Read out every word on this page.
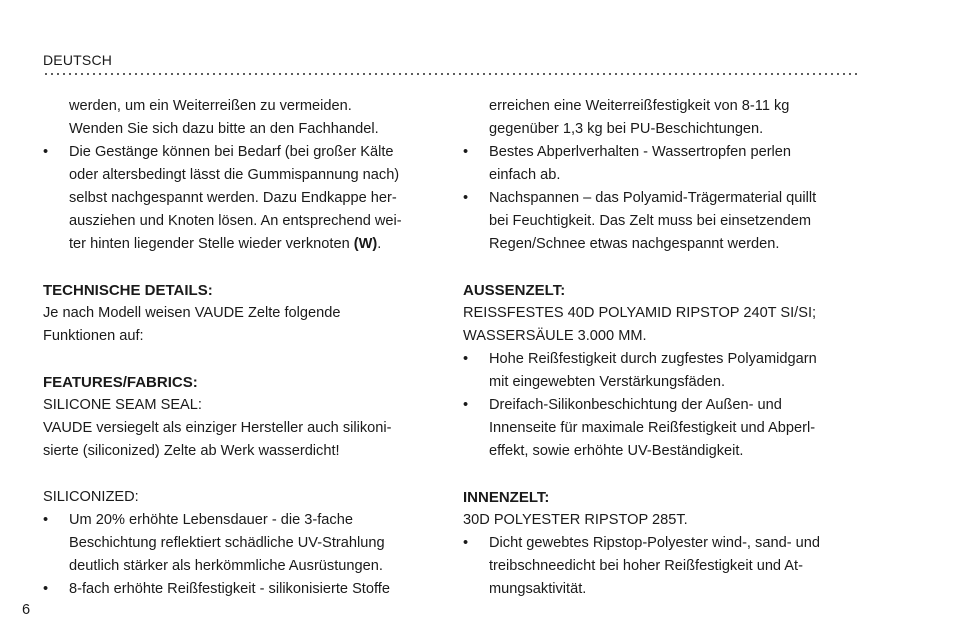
DEUTSCH

werden, um ein Weiterreißen zu vermeiden.

Wenden Sie sich dazu bitte an den Fachhandel.

• Die Gestänge können bei Bedarf (bei großer Kälte
oder altersbedingt lässt die Gummispannung nach)
selbst nachgespannt werden. Dazu Endkappe her-
ausziehen und Knoten lösen. An entsprechend wei-
ter hinten liegender Stelle wieder verknoten (W).

TECHNISCHE DETAILS:

Je nach Modell weisen VAUDE Zelte folgende

Funktionen auf:

FEATURES/FABRICS:

SILICONE SEAM SEAL:

VAUDE versiegelt als einziger Hersteller auch silikoni-

sierte (siliconized) Zelte ab Werk wasserdicht!

SILICONIZED:

• Um 20% erhöhte Lebensdauer - die 3-fache
Beschichtung reflektiert schädliche UV-Strahlung
deutlich stärker als herkömmliche Ausrüstungen.
• 8-fach erhöhte Reißfestigkeit - silikonisierte Stoffe

erreichen eine Weiterreißfestigkeit von 8-11 kg

gegenüber 1,3 kg bei PU-Beschichtungen.

• Bestes Abperlverhalten - Wassertropfen perlen
einfach ab.
• Nachspannen – das Polyamid-Trägermaterial quillt
bei Feuchtigkeit. Das Zelt muss bei einsetzendem
Regen/Schnee etwas nachgespannt werden.

AUSSENZELT:

REISSFESTES 40D POLYAMID RIPSTOP 240T SI/SI;

WASSERSÄULE 3.000 MM.

• Hohe Reißfestigkeit durch zugfestes Polyamidgarn
mit eingewebten Verstärkungsfäden.
• Dreifach-Silikonbeschichtung der Außen- und
Innenseite für maximale Reißfestigkeit und Abperl-
effekt, sowie erhöhte UV-Beständigkeit.

INNENZELT:

30D POLYESTER RIPSTOP 285T.

• Dicht gewebtes Ripstop-Polyester wind-, sand- und
treibschneedicht bei hoher Reißfestigkeit und At-
mungsaktivität.
6
